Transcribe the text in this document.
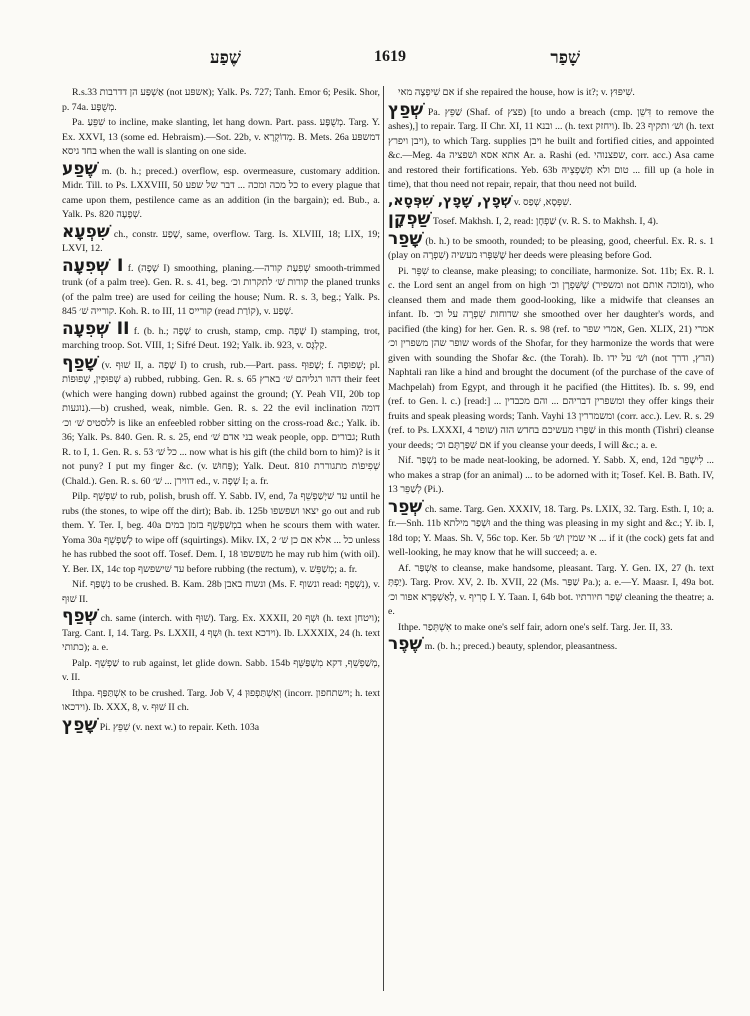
שֶׁפַע	1619	שָׁפַר

R.s.33 אַשְׁפַּע הן דדרבות (not אשפּע); Yalk. Ps. 727; Tanh. Emor 6; Pesik. Shor, p. 74a. מְשֻׁפָּע.

Pa. שִׁפֵּעַ to incline, make slanting, let hang down. Part. pass. מְשֻׁפָּע. Targ. Y. Ex. XXVI, 13 (some ed. Hebraism).—Sot. 22b, v. מְדוֹקְרָא. B. Mets. 26a דמשפּע בחד גיסא when the wall is slanting on one side.

שֶׁפַע m. (b. h.; preced.) overflow, esp. overmeasure, customary addition. Midr. Till. to Ps. LXXVIII, 50 כל מכה ומכה ... דבר של שפע to every plague that came upon them, pestilence came as an addition (in the bargain); ed. Bub., a. Yalk. Ps. 820 שְׁפָעָה.

שִׁפְעָא ch., constr. שֶׁפַע, same, overflow. Targ. Is. XLVIII, 18; LIX, 19; LXVI, 12.

I שְׁפִעָה f. (שָׁפָה I) smoothing, planing.—שְׁפִעַת קורה smooth-trimmed trunk (of a palm tree). Gen. R. s. 41, beg. קורות שׁ׳ לתקרות וכ׳ the planed trunks (of the palm tree) are used for ceiling the house; Num. R. s. 3, beg.; Yalk. Ps. 845 קורייה שׁ׳. Koh. R. to III, 11 קורייס (read קוֹרַת), v. שֶׁפַע.

II שְׁפִעָה f. (b. h.; שָׁפָה to crush, stamp, cmp. שָׁפָה I) stamping, trot, marching troop. Sot. VIII, 1; Sifré Deut. 192; Yalk. ib. 923, v. קַלְגָּס.

שָׁפַף (v. שׁוּף II, a. שָׁפָה I) to crush, rub.—Part. pass. שָׁפוּף; f. שְׁפוּפָה; pl. שְׁפוּפִין, שְׁפוּפוֹת a) rubbed, rubbing. Gen. R. s. 65 דהוו רגליהם שׁ׳ בארץ their feet (which were hanging down) rubbed against the ground; (Y. Peah VII, 20b top נוגעות).—b) crushed, weak, nimble. Gen. R. s. 22 the evil inclination דומה ללסטיס שׁ׳ וכ׳ is like an enfeebled robber sitting on the cross-road &c.; Yalk. ib. 36; Yalk. Ps. 840. Gen. R. s. 25, end בני אדם שׁ׳ weak people, opp. גבורים; Ruth R. to I, 1. Gen. R. s. 53 כל שׁ׳ ... now what is his gift (the child born to him)? is it not puny? I put my finger &c. (v. פָּחוּשׁ); Yalk. Deut. 810 שְׁפִיפוֹת מתגוררת (Chald.). Gen. R. s. 60 דווירן ... שׁ׳ ed., v. שְׁפָה I; a. fr.

Pilp. שִׁפְשֵׁף to rub, polish, brush off. Y. Sabb. IV, end, 7a עד שׁיְשַׁפְשֵׁף until he rubs (the stones, to wipe off the dirt); Bab. ib. 125b יצאו ושפשפו go out and rub them. Y. Ter. I, beg. 40a במְשַׁפְשֵׁף בזמן במים when he scours them with water. Yoma 30a לְשַׁפְשֵׁף to wipe off (squirtings). Mikv. IX, 2 כל ... אלא אם כן שׁ׳ unless he has rubbed the soot off. Tosef. Dem. I, 18 משפשפו he may rub him (with oil). Y. Ber. IX, 14c top עד שׁישפשף before rubbing (the rectum), v. מְשַׁפֵּשׁ; a. fr.

Nif. נִשְׁפַּף to be crushed. B. Kam. 28b ונשוח באבן (Ms. F. ונשוף read: נִשְׁפַף), v. שׁוּף II.

שְׁפַף ch. same (interch. with שׁוּף). Targ. Ex. XXXII, 20 וּשְׁף (h. text ויטחן); Targ. Cant. I, 14. Targ. Ps. LXXII, 4 וּשְׁף (h. text וידכא). Ib. LXXXIX, 24 (h. text כתותי); a. e.

Palp. שַׁפְשֵׁף to rub against, let glide down. Sabb. 154b מְשַׁפְשֵׁף, דקא מִשְׁפַּשֵּׁף, v. II.

Ithpa. אִשְׁתַּפַּף to be crushed. Targ. Job V, 4 וְאִשְׁתַּפְפוּן (incorr. וישתחפון; h. text וידכאו). Ib. XXX, 8, v. שׁוּף II ch.

שָׁפַץ Pi. שִׁפֵּץ (v. next w.) to repair. Keth. 103a

אם שִׁיפְצָה מאי if she repaired the house, how is it?; v. שִׁיפּוּץ.

שְׁפַץ Pa. שַׁפֵּץ (Shaf. of פצץ) [to undo a breach (cmp. דִּשֵׁן to remove the ashes),] to repair. Targ. II Chr. XI, 11 ובנא ... (h. text ויחזק). Ib. 23 ושׁ׳ ותקיף (h. text ויבן ויפרץ), to which Targ. supplies ויבן he built and fortified cities, and appointed &c.—Meg. 4a אתא אסא ושׁפציה Ar. a. Rashi (ed. שפצנוהי, corr. acc.) Asa came and restored their fortifications. Yeb. 63b טום ולא תְשַׁפְצֵיהּ ... fill up (a hole in time), that thou need not repair, repair, that thou need not build.

שְׁפָץ, שָׁפָץ, שִׁפְּסָא, v. שִׁפְּסָא, שְׁפַס.

שַׁפְקָן Tosef. Makhsh. I, 2, read: שַׁפְחָן (v. R. S. to Makhsh. I, 4).

שָׁפַר (b. h.) to be smooth, rounded; to be pleasing, good, cheerful. Ex. R. s. 1 (play on שִׁפְרָה) שֶׁשִּׁפְּרוּ מעשיה her deeds were pleasing before God.

Pi. שִׁפֵּר to cleanse, make pleasing; to conciliate, harmonize. Sot. 11b; Ex. R. l. c. the Lord sent an angel from on high שֶׁשִּׁפְרָן וכ׳ (ומשפיר not ומוכה אותם), who cleansed them and made them good-looking, like a midwife that cleanses an infant. Ib. שדוחות שִׁפְרָה על וכ׳ she smoothed over her daughter's words, and pacified (the king) for her. Gen. R. s. 98 (ref. to אמרי שפר, Gen. XLIX, 21) אמרי שופר שהן משפרין וכ׳ words of the Shofar, for they harmonize the words that were given with sounding the Shofar &c. (the Torah). Ib. ושׁ׳ על ידו (not הרץ, ודרך) Naphtali ran like a hind and brought the document (of the purchase of the cave of Machpelah) from Egypt, and through it he pacified (the Hittites). Ib. s. 99, end (ref. to Gen. l. c.) [read:] ... ומשפרין דבריהם ... והם מכבדין they offer kings their fruits and speak pleasing words; Tanh. Vayhi 13 ומשמררין (corr. acc.). Lev. R. s. 29 (ref. to Ps. LXXXI, 4 שופר) שַׁפְּרוּ מעשיכם בחדש הזה in this month (Tishri) cleanse your deeds; אם שִׁפַּרְתֶּם וכ׳ if you cleanse your deeds, I will &c.; a. e.

Nif. נִשְׁפַּר to be made neat-looking, be adorned. Y. Sabb. X, end, 12d לִישָׁפֵר ... who makes a strap (for an animal) ... to be adorned with it; Tosef. Kel. B. Bath. IV, 13 לְשַׁפֵּר (Pi.).

שְׁפַר ch. same. Targ. Gen. XXXIV, 18. Targ. Ps. LXIX, 32. Targ. Esth. I, 10; a. fr.—Snh. 11b וּשְׁפַר מילתא and the thing was pleasing in my sight and &c.; Y. ib. I, 18d top; Y. Maas. Sh. V, 56c top. Ker. 5b אי שמין ושׁ׳ ... if it (the cock) gets fat and well-looking, he may know that he will succeed; a. e.

Af. אַשְׁפַּר to cleanse, make handsome, pleasant. Targ. Y. Gen. IX, 27 (h. text יַפְתְּ). Targ. Prov. XV, 2. Ib. XVII, 22 (Ms. שַׁפַּר Pa.); a. e.—Y. Maasr. I, 49a bot. לְאַשְׁפָּרָא אפור וכ׳, v. סְרִיף I. Y. Taan. I, 64b bot. שְׁפַר חיורתיו cleaning the theatre; a. e.

Ithpe. אִשְׁתְּפַר to make one's self fair, adorn one's self. Targ. Jer. II, 33.

שֶׁפֶר m. (b. h.; preced.) beauty, splendor, pleasantness.
